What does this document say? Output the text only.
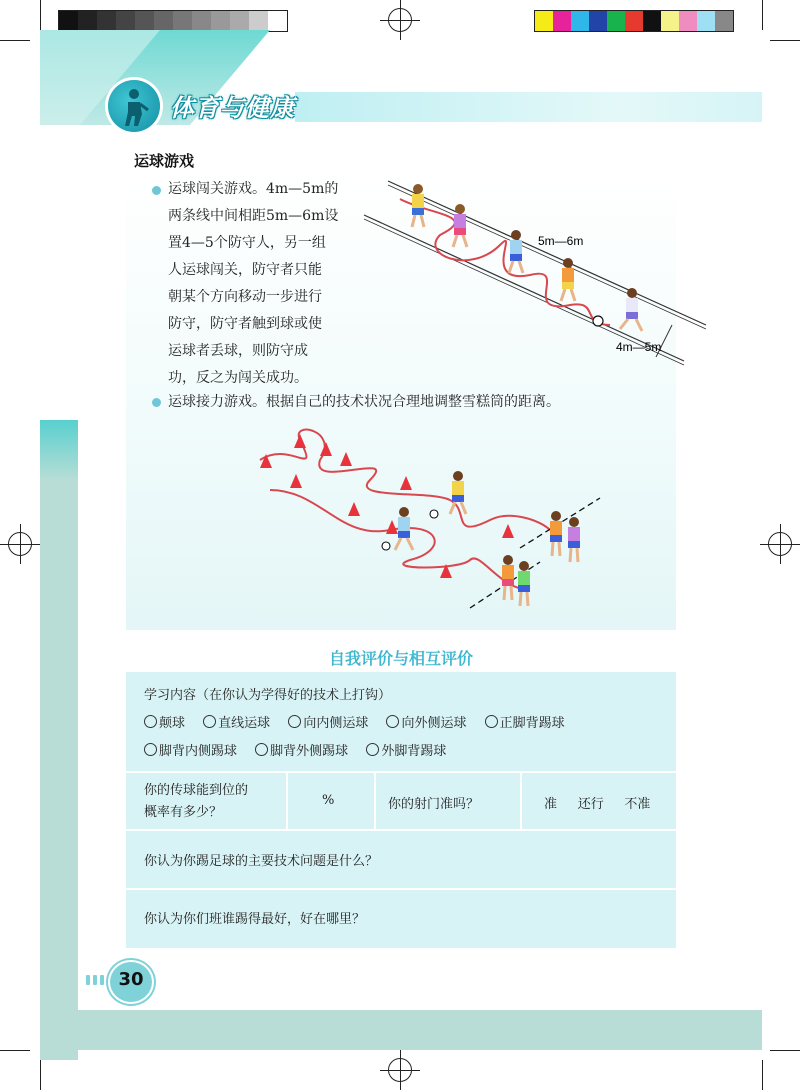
体育与健康
运球游戏
运球闯关游戏。4m—5m的
两条线中间相距5m—6m设
置4—5个防守人，另一组
人运球闯关，防守者只能
朝某个方向移动一步进行
防守，防守者触到球或使
运球者丢球，则防守成
功，反之为闯关成功。
5m—6m
4m—5m
运球接力游戏。根据自己的技术状况合理地调整雪糕筒的距离。
自我评价与相互评价
学习内容（在你认为学得好的技术上打钩）
颠球	直线运球	向内侧运球	向外侧运球	正脚背踢球
脚背内侧踢球	脚背外侧踢球	外脚背踢球
你的传球能到位的
概率有多少？
%	你的射门准吗？	准 还行 不准
你认为你踢足球的主要技术问题是什么？
你认为你们班谁踢得最好，好在哪里？
30
